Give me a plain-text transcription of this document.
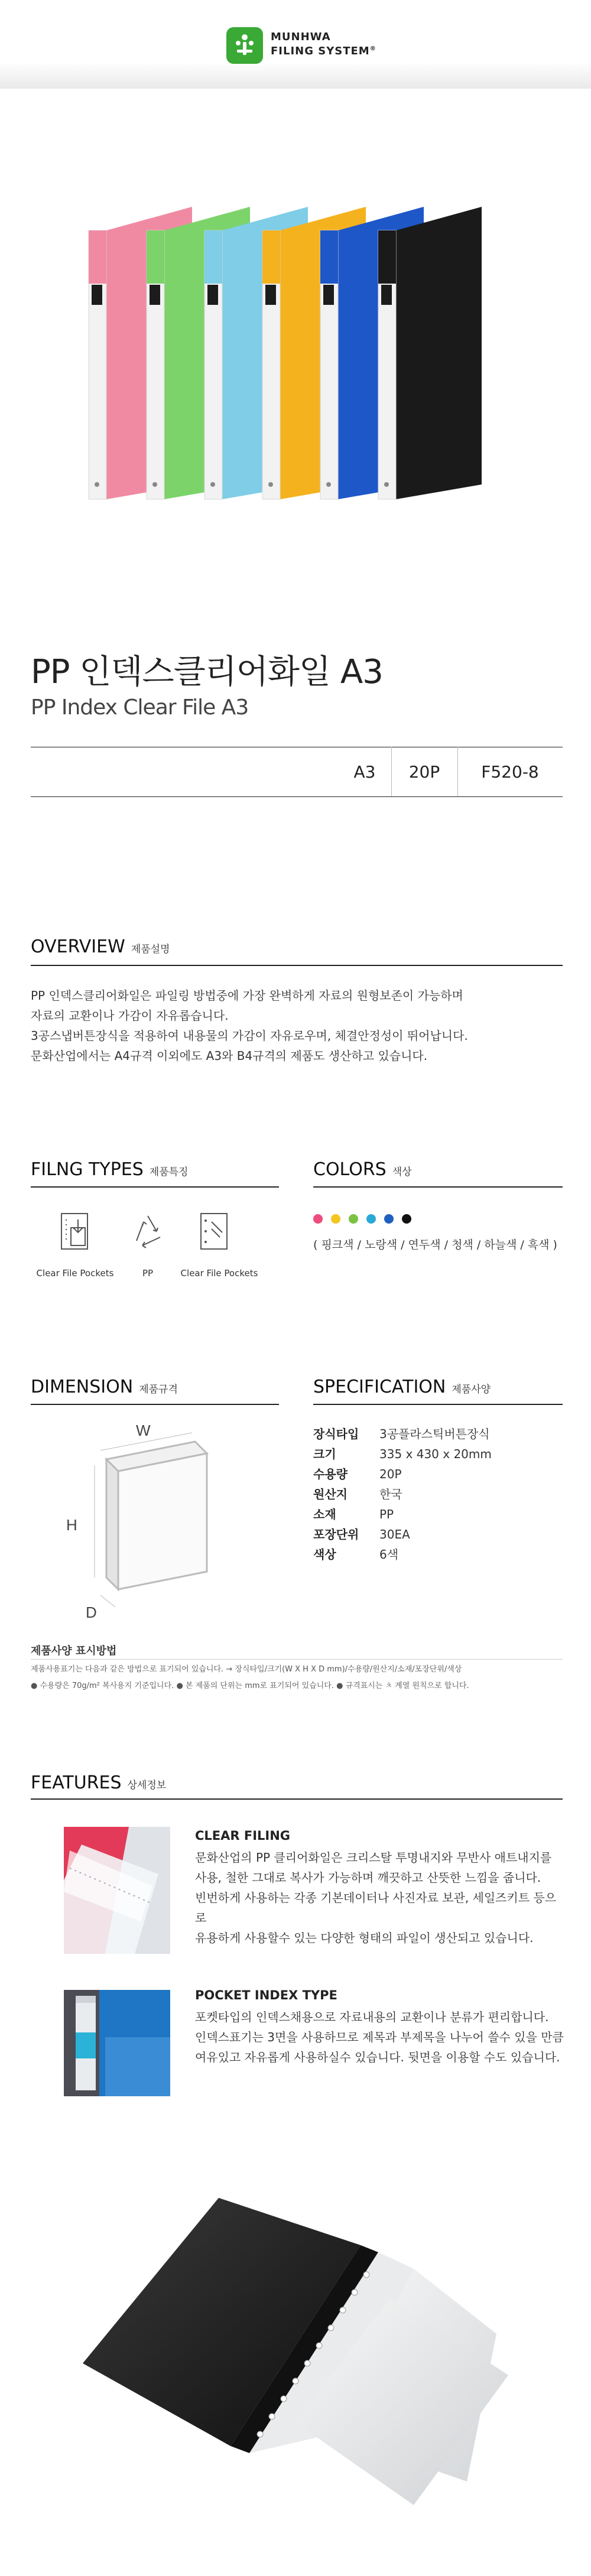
MUNHWA
FILING SYSTEM®
PP 인덱스클리어화일 A3
PP Index Clear File A3
A3	20P	F520-8
OVERVIEW 제품설명
PP 인덱스클리어화일은 파일링 방법중에 가장 완벽하게 자료의 원형보존이 가능하며
자료의 교환이나 가감이 자유롭습니다.
3공스냅버튼장식을 적용하여 내용물의 가감이 자유로우며, 체결안정성이 뛰어납니다.
문화산업에서는 A4규격 이외에도 A3와 B4규격의 제품도 생산하고 있습니다.
FILNG TYPES 제품특징
Clear File Pockets	PP	Clear File Pockets
COLORS 색상
( 핑크색 / 노랑색 / 연두색 / 청색 / 하늘색 / 흑색 )
DIMENSION 제품규격
W
H
D
SPECIFICATION 제품사양
장식타입	3공플라스틱버튼장식
크기	335 x 430 x 20mm
수용량	20P
원산지	한국
소재	PP
포장단위	30EA
색상	6색
제품사양 표시방법
제품사용표기는 다음과 같은 방법으로 표기되어 있습니다. → 장식타입/크기(W X H X D mm)/수용량/원산지/소재/포장단위/색상
● 수용량은 70g/m² 복사용지 기준입니다. ● 본 제품의 단위는 mm로 표기되어 있습니다. ● 규격표시는 ㅊ 계열 원칙으로 합니다.
FEATURES 상세정보
CLEAR FILING
문화산업의 PP 클리어화일은 크리스탈 투명내지와 무반사 애트내지를
사용, 철한 그대로 복사가 가능하며 깨끗하고 산뜻한 느낌을 줍니다.
빈번하게 사용하는 각종 기본데이터나 사진자료 보관, 세일즈키트 등으로
유용하게 사용할수 있는 다양한 형태의 파일이 생산되고 있습니다.
POCKET INDEX TYPE
포켓타입의 인덱스채용으로 자료내용의 교환이나 분류가 편리합니다.
인덱스표기는 3면을 사용하므로 제목과 부제목을 나누어 쓸수 있을 만큼
여유있고 자유롭게 사용하실수 있습니다. 뒷면을 이용할 수도 있습니다.
